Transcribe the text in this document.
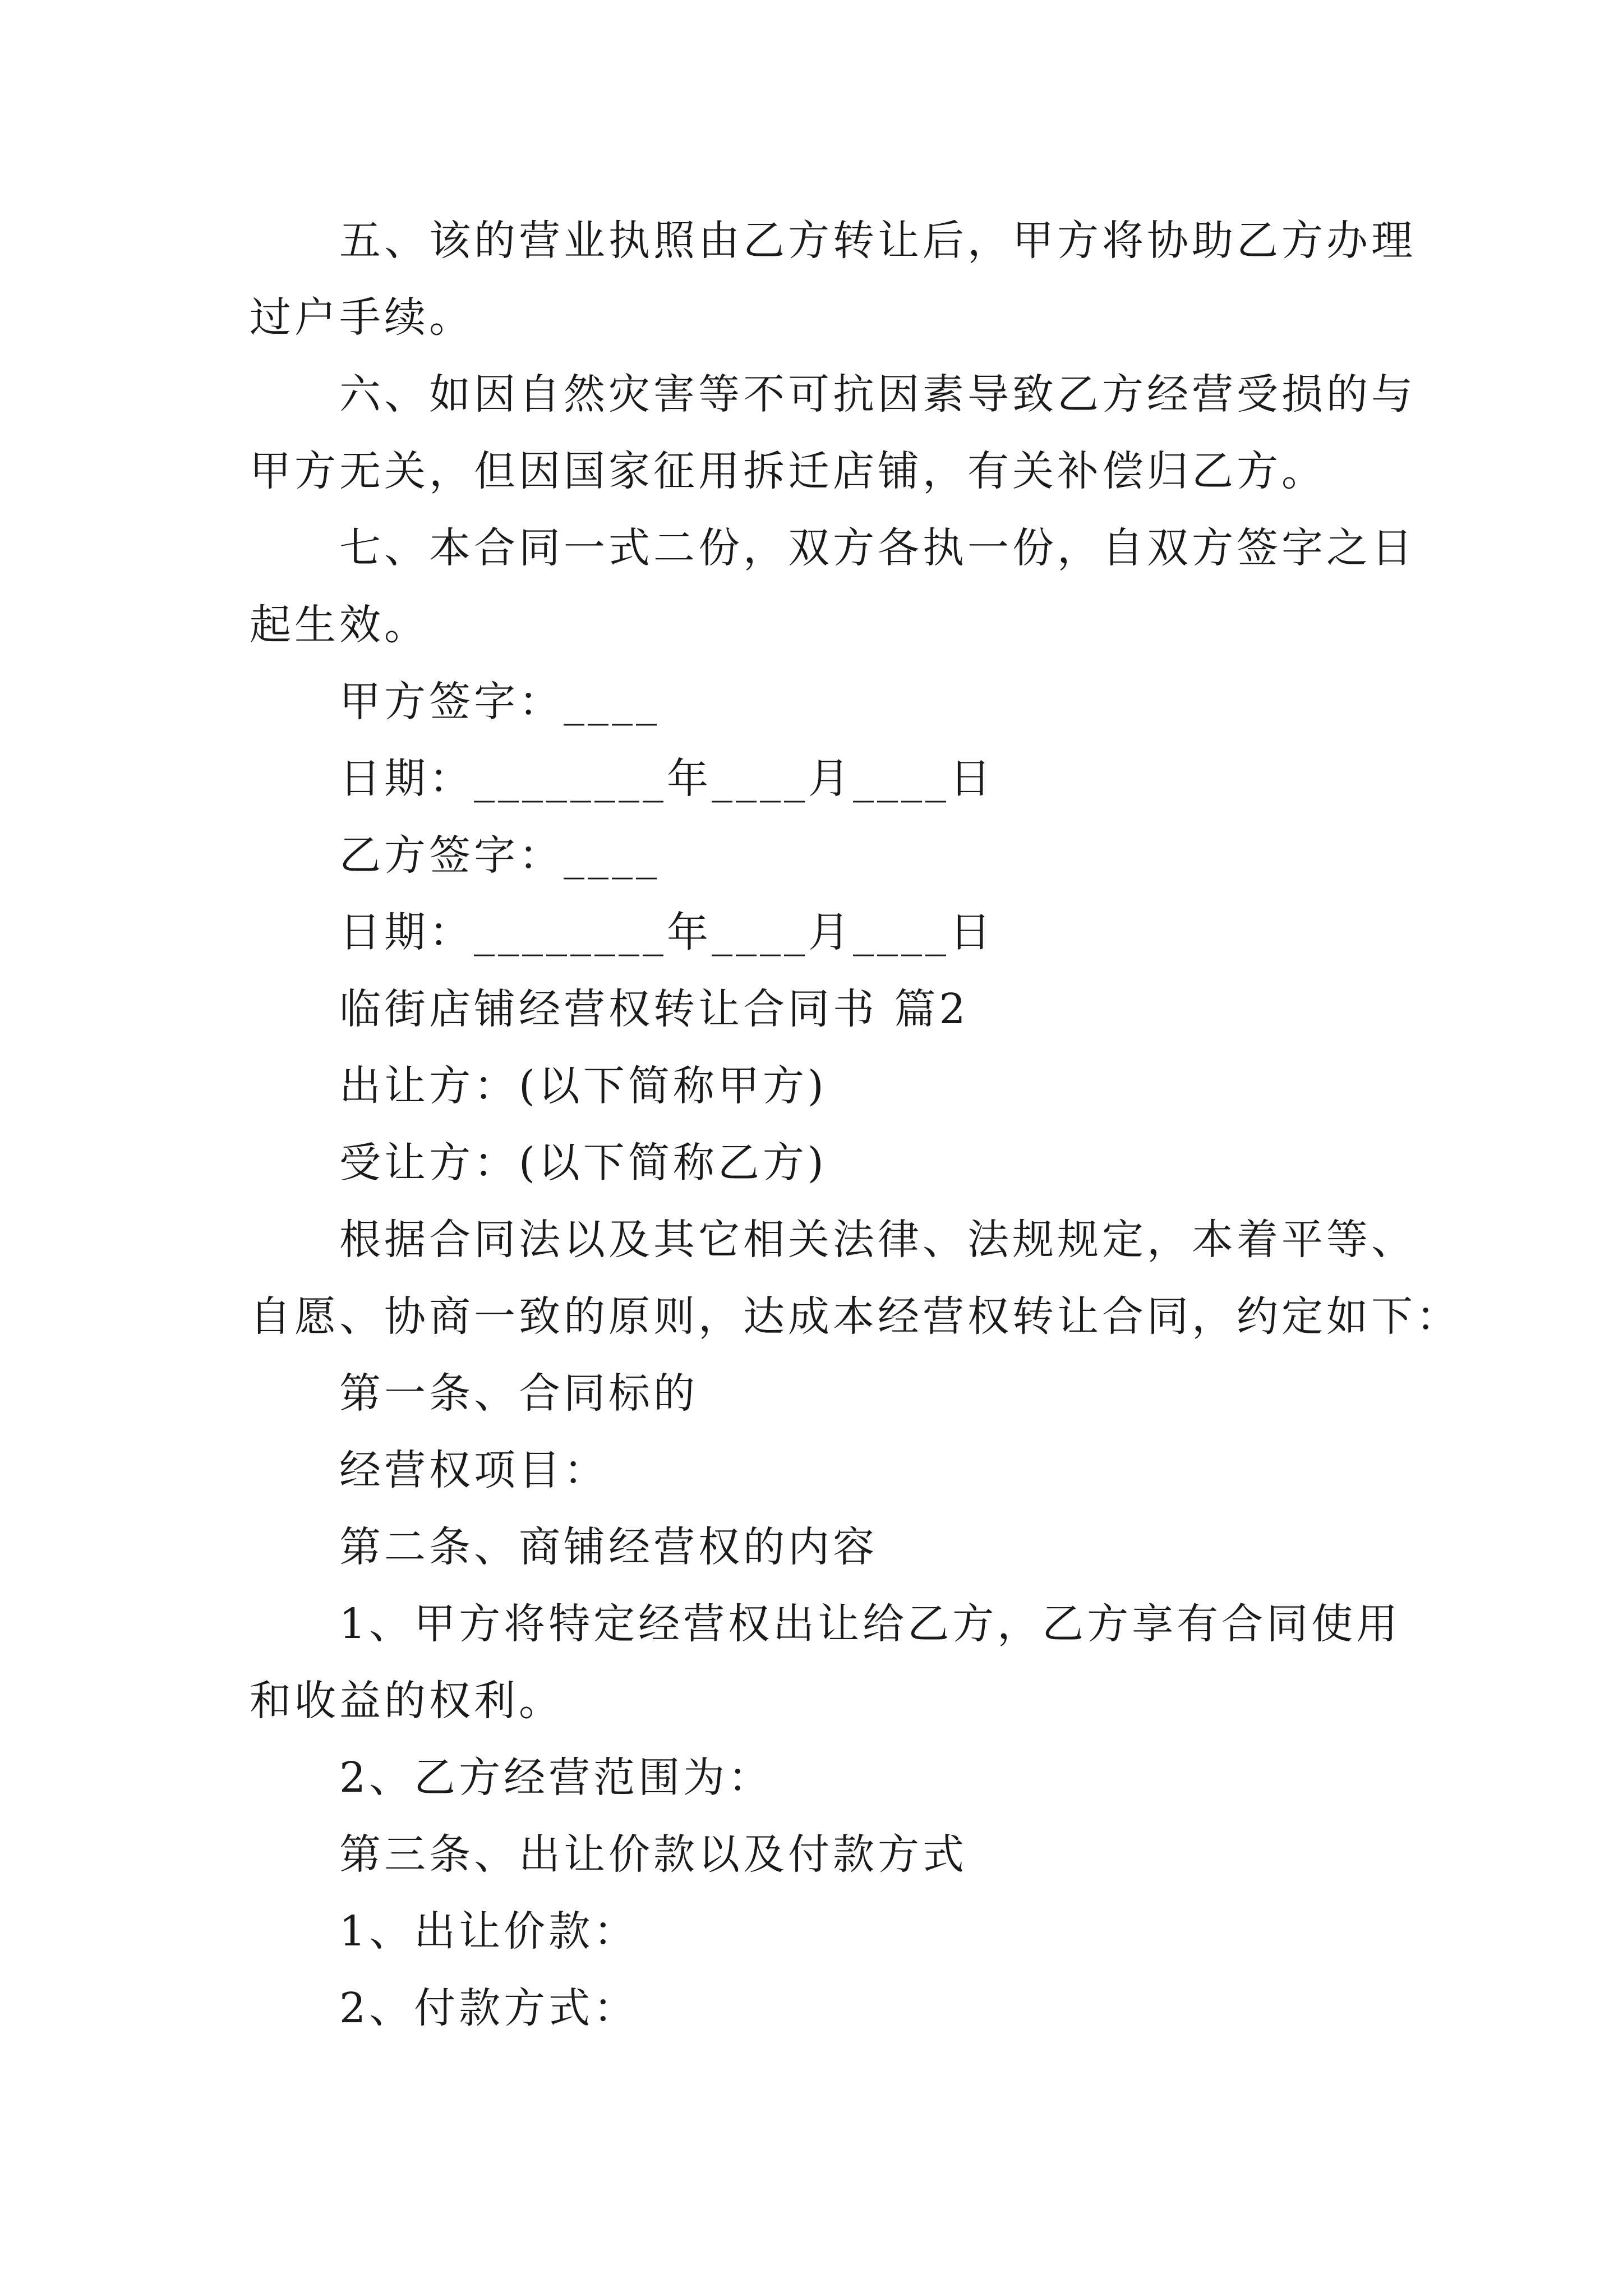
五、该的营业执照由乙方转让后，甲方将协助乙方办理
过户手续。
六、如因自然灾害等不可抗因素导致乙方经营受损的与
甲方无关，但因国家征用拆迁店铺，有关补偿归乙方。
七、本合同一式二份，双方各执一份，自双方签字之日
起生效。
甲方签字：____
日期：________年____月____日
乙方签字：____
日期：________年____月____日
临街店铺经营权转让合同书 篇2
出让方：(以下简称甲方)
受让方：(以下简称乙方)
根据合同法以及其它相关法律、法规规定，本着平等、
自愿、协商一致的原则，达成本经营权转让合同，约定如下：
第一条、合同标的
经营权项目：
第二条、商铺经营权的内容
1、甲方将特定经营权出让给乙方，乙方享有合同使用
和收益的权利。
2、乙方经营范围为：
第三条、出让价款以及付款方式
1、出让价款：
2、付款方式：
